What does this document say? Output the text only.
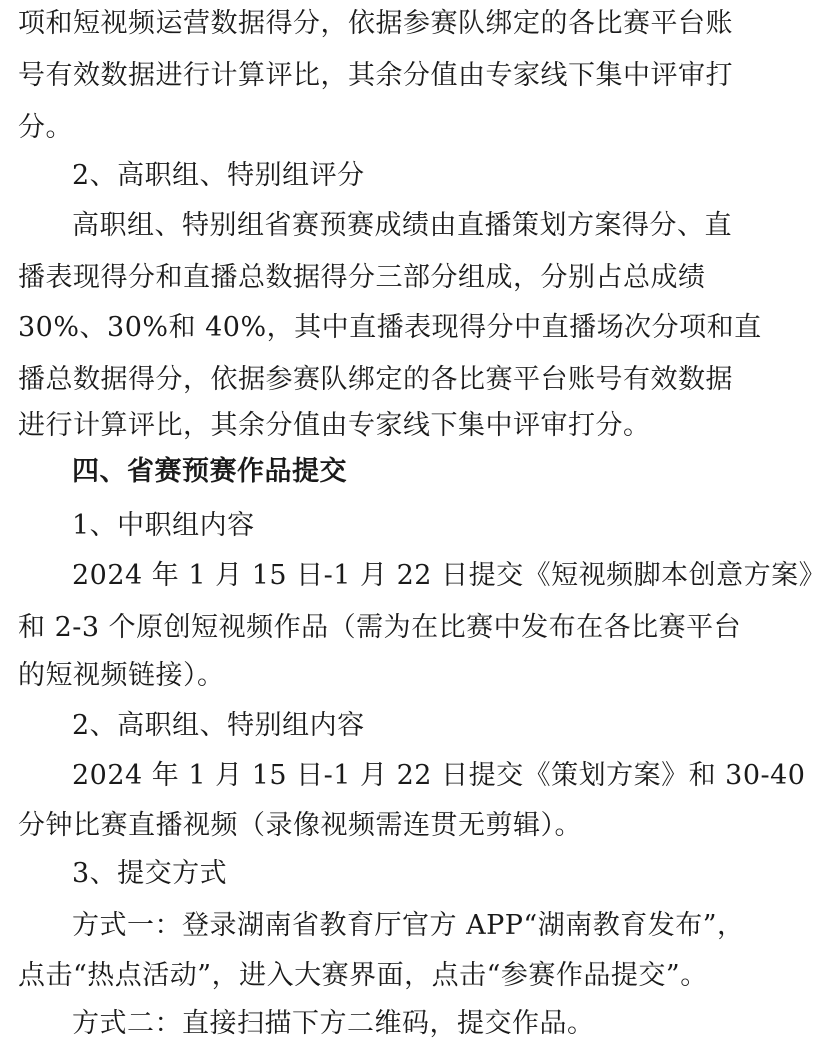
项和短视频运营数据得分，依据参赛队绑定的各比赛平台账
号有效数据进行计算评比，其余分值由专家线下集中评审打
分。
2、高职组、特别组评分
高职组、特别组省赛预赛成绩由直播策划方案得分、直
播表现得分和直播总数据得分三部分组成，分别占总成绩
30%、30%和 40%，其中直播表现得分中直播场次分项和直
播总数据得分，依据参赛队绑定的各比赛平台账号有效数据
进行计算评比，其余分值由专家线下集中评审打分。
四、省赛预赛作品提交
1、中职组内容
2024 年 1 月 15 日-1 月 22 日提交《短视频脚本创意方案》
和 2-3 个原创短视频作品（需为在比赛中发布在各比赛平台
的短视频链接）。
2、高职组、特别组内容
2024 年 1 月 15 日-1 月 22 日提交《策划方案》和 30-40
分钟比赛直播视频（录像视频需连贯无剪辑）。
3、提交方式
方式一：登录湖南省教育厅官方 APP“湖南教育发布”，
点击“热点活动”，进入大赛界面，点击“参赛作品提交”。
方式二：直接扫描下方二维码，提交作品。
